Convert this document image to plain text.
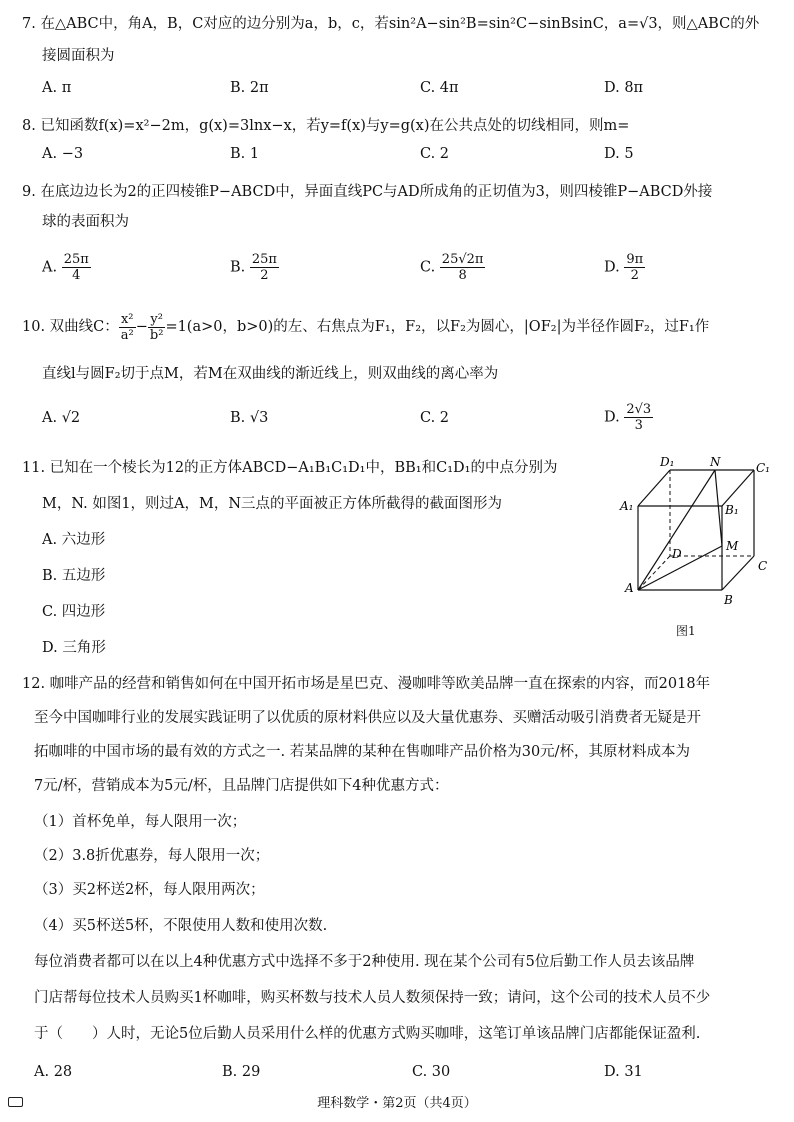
7. 在△ABC中，角A，B，C对应的边分别为a，b，c，若sin²A−sin²B=sin²C−sinBsinC，a=√3，则△ABC的外
接圆面积为
A. π	B. 2π	C. 4π	D. 8π
8. 已知函数f(x)=x²−2m，g(x)=3lnx−x，若y=f(x)与y=g(x)在公共点处的切线相同，则m=
A. −3	B. 1	C. 2	D. 5
9. 在底边边长为2的正四棱锥P−ABCD中，异面直线PC与AD所成角的正切值为3，则四棱锥P−ABCD外接
球的表面积为
A. $\frac{25\pi}{4}$	B. $\frac{25\pi}{2}$	C. $\frac{25√2\pi}{8}$	D. $\frac{9\pi}{2}$
10. 双曲线C： $\frac{\text{x²}}{\text{a²}} - \frac{\text{y²}}{\text{b²}} =1(a>0$，b>0)的左、右焦点为F₁，F₂，以F₂为圆心，|OF₂|为半径作圆F₂，过F₁作
直线l与圆F₂切于点M，若M在双曲线的渐近线上，则双曲线的离心率为
A. √2	B. √3	C. 2	D. $\frac{2√3}{3}$
11. 已知在一个棱长为12的正方体ABCD−A₁B₁C₁D₁中，BB₁和C₁D₁的中点分别为
M，N. 如图1，则过A，M，N三点的平面被正方体所截得的截面图形为
A. 六边形
B. 五边形
C. 四边形
D. 三角形
D₁	N	C₁
A₁	B₁
M
D
C
A
B
图1
12. 咖啡产品的经营和销售如何在中国开拓市场是星巴克、漫咖啡等欧美品牌一直在探索的内容，而2018年
至今中国咖啡行业的发展实践证明了以优质的原材料供应以及大量优惠券、买赠活动吸引消费者无疑是开
拓咖啡的中国市场的最有效的方式之一. 若某品牌的某种在售咖啡产品价格为30元/杯，其原材料成本为
7元/杯，营销成本为5元/杯，且品牌门店提供如下4种优惠方式：
（1）首杯免单，每人限用一次；
（2）3.8折优惠券，每人限用一次；
（3）买2杯送2杯，每人限用两次；
（4）买5杯送5杯，不限使用人数和使用次数.
每位消费者都可以在以上4种优惠方式中选择不多于2种使用. 现在某个公司有5位后勤工作人员去该品牌
门店帮每位技术人员购买1杯咖啡，购买杯数与技术人员人数须保持一致；请问，这个公司的技术人员不少
于（　　）人时，无论5位后勤人员采用什么样的优惠方式购买咖啡，这笔订单该品牌门店都能保证盈利.
A. 28	B. 29	C. 30	D. 31
理科数学・第2页（共4页）
